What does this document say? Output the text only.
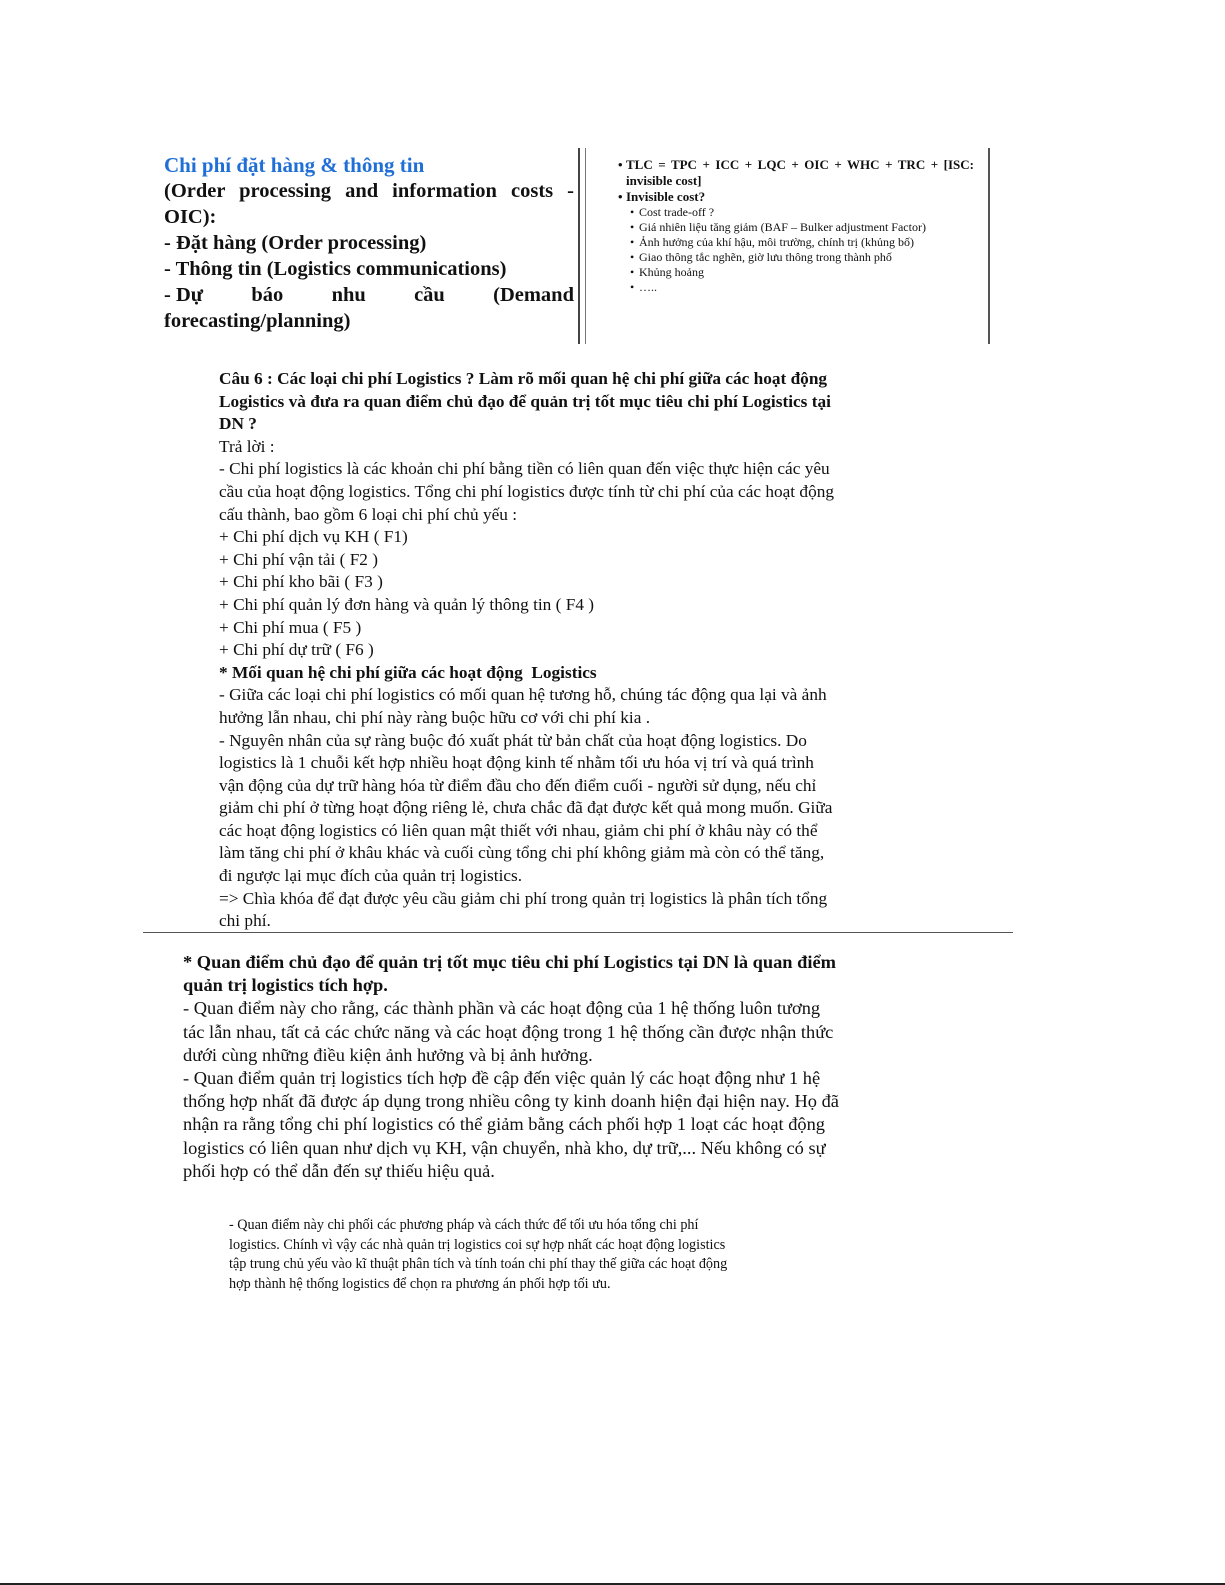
Chi phí đặt hàng & thông tin
(Order processing and information costs - OIC):
- Đặt hàng (Order processing)
- Thông tin (Logistics communications)
- Dự báo nhu cầu (Demand
forecasting/planning)
• TLC = TPC + ICC + LQC + OIC + WHC + TRC + [ISC: invisible cost]
• Invisible cost?
• Cost trade-off ?
• Giá nhiên liệu tăng giảm (BAF – Bulker adjustment Factor)
• Ảnh hưởng của khí hậu, môi trường, chính trị (khủng bố)
• Giao thông tắc nghẽn, giờ lưu thông trong thành phố
• Khủng hoảng
• …..
Câu 6 : Các loại chi phí Logistics ? Làm rõ mối quan hệ chi phí giữa các hoạt động
Logistics và đưa ra quan điểm chủ đạo để quản trị tốt mục tiêu chi phí Logistics tại
DN ?
Trả lời :
- Chi phí logistics là các khoản chi phí bằng tiền có liên quan đến việc thực hiện các yêu
cầu của hoạt động logistics. Tổng chi phí logistics được tính từ chi phí của các hoạt động
cấu thành, bao gồm 6 loại chi phí chủ yếu :
+ Chi phí dịch vụ KH ( F1)
+ Chi phí vận tải ( F2 )
+ Chi phí kho bãi ( F3 )
+ Chi phí quản lý đơn hàng và quản lý thông tin ( F4 )
+ Chi phí mua ( F5 )
+ Chi phí dự trữ ( F6 )
* Mối quan hệ chi phí giữa các hoạt động  Logistics
- Giữa các loại chi phí logistics có mối quan hệ tương hỗ, chúng tác động qua lại và ảnh
hưởng lẫn nhau, chi phí này ràng buộc hữu cơ với chi phí kia .
- Nguyên nhân của sự ràng buộc đó xuất phát từ bản chất của hoạt động logistics. Do
logistics là 1 chuỗi kết hợp nhiều hoạt động kinh tế nhằm tối ưu hóa vị trí và quá trình
vận động của dự trữ hàng hóa từ điểm đầu cho đến điểm cuối - người sử dụng, nếu chỉ
giảm chi phí ở từng hoạt động riêng lẻ, chưa chắc đã đạt được kết quả mong muốn. Giữa
các hoạt động logistics có liên quan mật thiết với nhau, giảm chi phí ở khâu này có thể
làm tăng chi phí ở khâu khác và cuối cùng tổng chi phí không giảm mà còn có thể tăng,
đi ngược lại mục đích của quản trị logistics.
=> Chìa khóa để đạt được yêu cầu giảm chi phí trong quản trị logistics là phân tích tổng
chi phí.
* Quan điểm chủ đạo để quản trị tốt mục tiêu chi phí Logistics tại DN là quan điểm
quản trị logistics tích hợp.
- Quan điểm này cho rằng, các thành phần và các hoạt động của 1 hệ thống luôn tương
tác lẫn nhau, tất cả các chức năng và các hoạt động trong 1 hệ thống cần được nhận thức
dưới cùng những điều kiện ảnh hưởng và bị ảnh hưởng.
- Quan điểm quản trị logistics tích hợp đề cập đến việc quản lý các hoạt động như 1 hệ
thống hợp nhất đã được áp dụng trong nhiều công ty kinh doanh hiện đại hiện nay. Họ đã
nhận ra rằng tổng chi phí logistics có thể giảm bằng cách phối hợp 1 loạt các hoạt động
logistics có liên quan như dịch vụ KH, vận chuyển, nhà kho, dự trữ,... Nếu không có sự
phối hợp có thể dẫn đến sự thiếu hiệu quả.
- Quan điểm này chi phối các phương pháp và cách thức để tối ưu hóa tổng chi phí
logistics. Chính vì vậy các nhà quản trị logistics coi sự hợp nhất các hoạt động logistics
tập trung chủ yếu vào kĩ thuật phân tích và tính toán chi phí thay thế giữa các hoạt động
hợp thành hệ thống logistics để chọn ra phương án phối hợp tối ưu.
